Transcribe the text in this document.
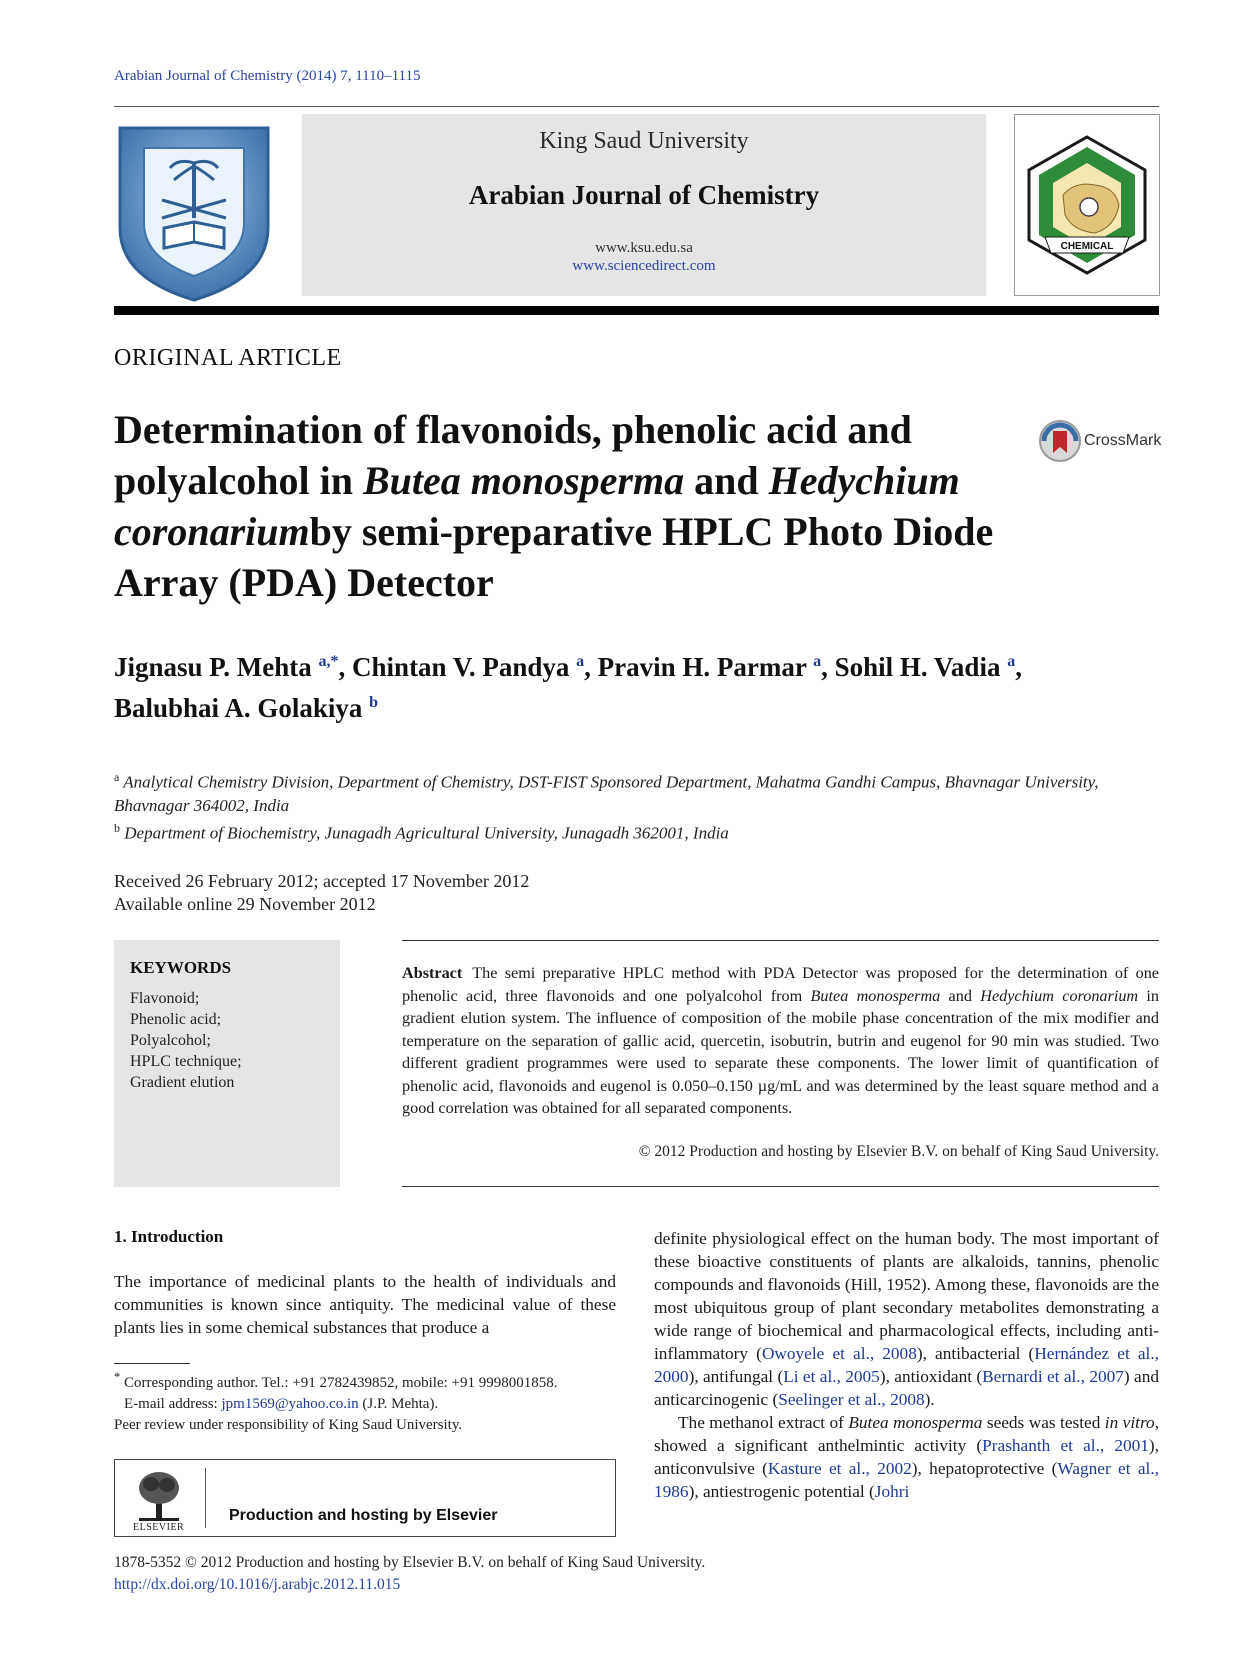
Arabian Journal of Chemistry (2014) 7, 1110–1115
King Saud University
Arabian Journal of Chemistry
www.ksu.edu.sa
www.sciencedirect.com
CHEMICAL
ORIGINAL ARTICLE
Determination of flavonoids, phenolic acid and polyalcohol in Butea monosperma and Hedychium coronariumby semi-preparative HPLC Photo Diode Array (PDA) Detector
CrossMark
Jignasu P. Mehta $^{a,*}$, Chintan V. Pandya $^a$, Pravin H. Parmar $^a$, Sohil H. Vadia $^a$,
Balubhai A. Golakiya $^b$
$^a$ Analytical Chemistry Division, Department of Chemistry, DST-FIST Sponsored Department, Mahatma Gandhi Campus, Bhavnagar University, Bhavnagar 364002, India
$^b$ Department of Biochemistry, Junagadh Agricultural University, Junagadh 362001, India
Received 26 February 2012; accepted 17 November 2012
Available online 29 November 2012
KEYWORDS
Flavonoid;
Phenolic acid;
Polyalcohol;
HPLC technique;
Gradient elution
Abstract The semi preparative HPLC method with PDA Detector was proposed for the determination of one phenolic acid, three flavonoids and one polyalcohol from Butea monosperma and Hedychium coronarium in gradient elution system. The influence of composition of the mobile phase concentration of the mix modifier and temperature on the separation of gallic acid, quercetin, isobutrin, butrin and eugenol for 90 min was studied. Two different gradient programmes were used to separate these components. The lower limit of quantification of phenolic acid, flavonoids and eugenol is 0.050–0.150 µg/mL and was determined by the least square method and a good correlation was obtained for all separated components.
© 2012 Production and hosting by Elsevier B.V. on behalf of King Saud University.
1. Introduction
The importance of medicinal plants to the health of individuals and communities is known since antiquity. The medicinal value of these plants lies in some chemical substances that produce a
* Corresponding author. Tel.: +91 2782439852, mobile: +91 9998001858.
E-mail address: jpm1569@yahoo.co.in (J.P. Mehta).
Peer review under responsibility of King Saud University.
ELSEVIER
Production and hosting by Elsevier

definite physiological effect on the human body. The most important of these bioactive constituents of plants are alkaloids, tannins, phenolic compounds and flavonoids (Hill, 1952). Among these, flavonoids are the most ubiquitous group of plant secondary metabolites demonstrating a wide range of biochemical and pharmacological effects, including anti-inflammatory (Owoyele et al., 2008), antibacterial (Hernández et al., 2000), antifungal (Li et al., 2005), antioxidant (Bernardi et al., 2007) and anticarcinogenic (Seelinger et al., 2008).

The methanol extract of Butea monosperma seeds was tested in vitro, showed a significant anthelmintic activity (Prashanth et al., 2001), anticonvulsive (Kasture et al., 2002), hepatoprotective (Wagner et al., 1986), antiestrogenic potential (Johri

1878-5352 © 2012 Production and hosting by Elsevier B.V. on behalf of King Saud University.
http://dx.doi.org/10.1016/j.arabjc.2012.11.015
